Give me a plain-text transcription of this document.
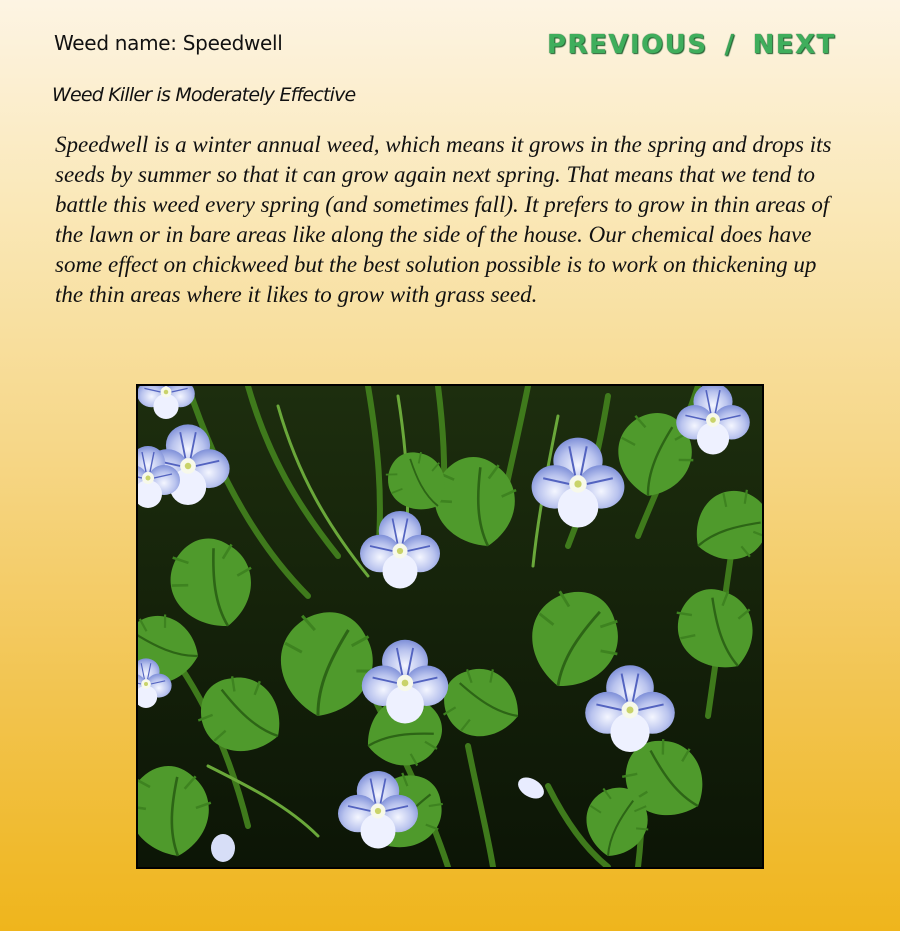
Weed name: Speedwell	PREVIOUS / NEXT
Weed Killer is Moderately Effective

Speedwell is a winter annual weed, which means it grows in the spring and drops its seeds by summer so that it can grow again next spring. That means that we tend to battle this weed every spring (and sometimes fall). It prefers to grow in thin areas of the lawn or in bare areas like along the side of the house. Our chemical does have some effect on chickweed but the best solution possible is to work on thickening up the thin areas where it likes to grow with grass seed.
